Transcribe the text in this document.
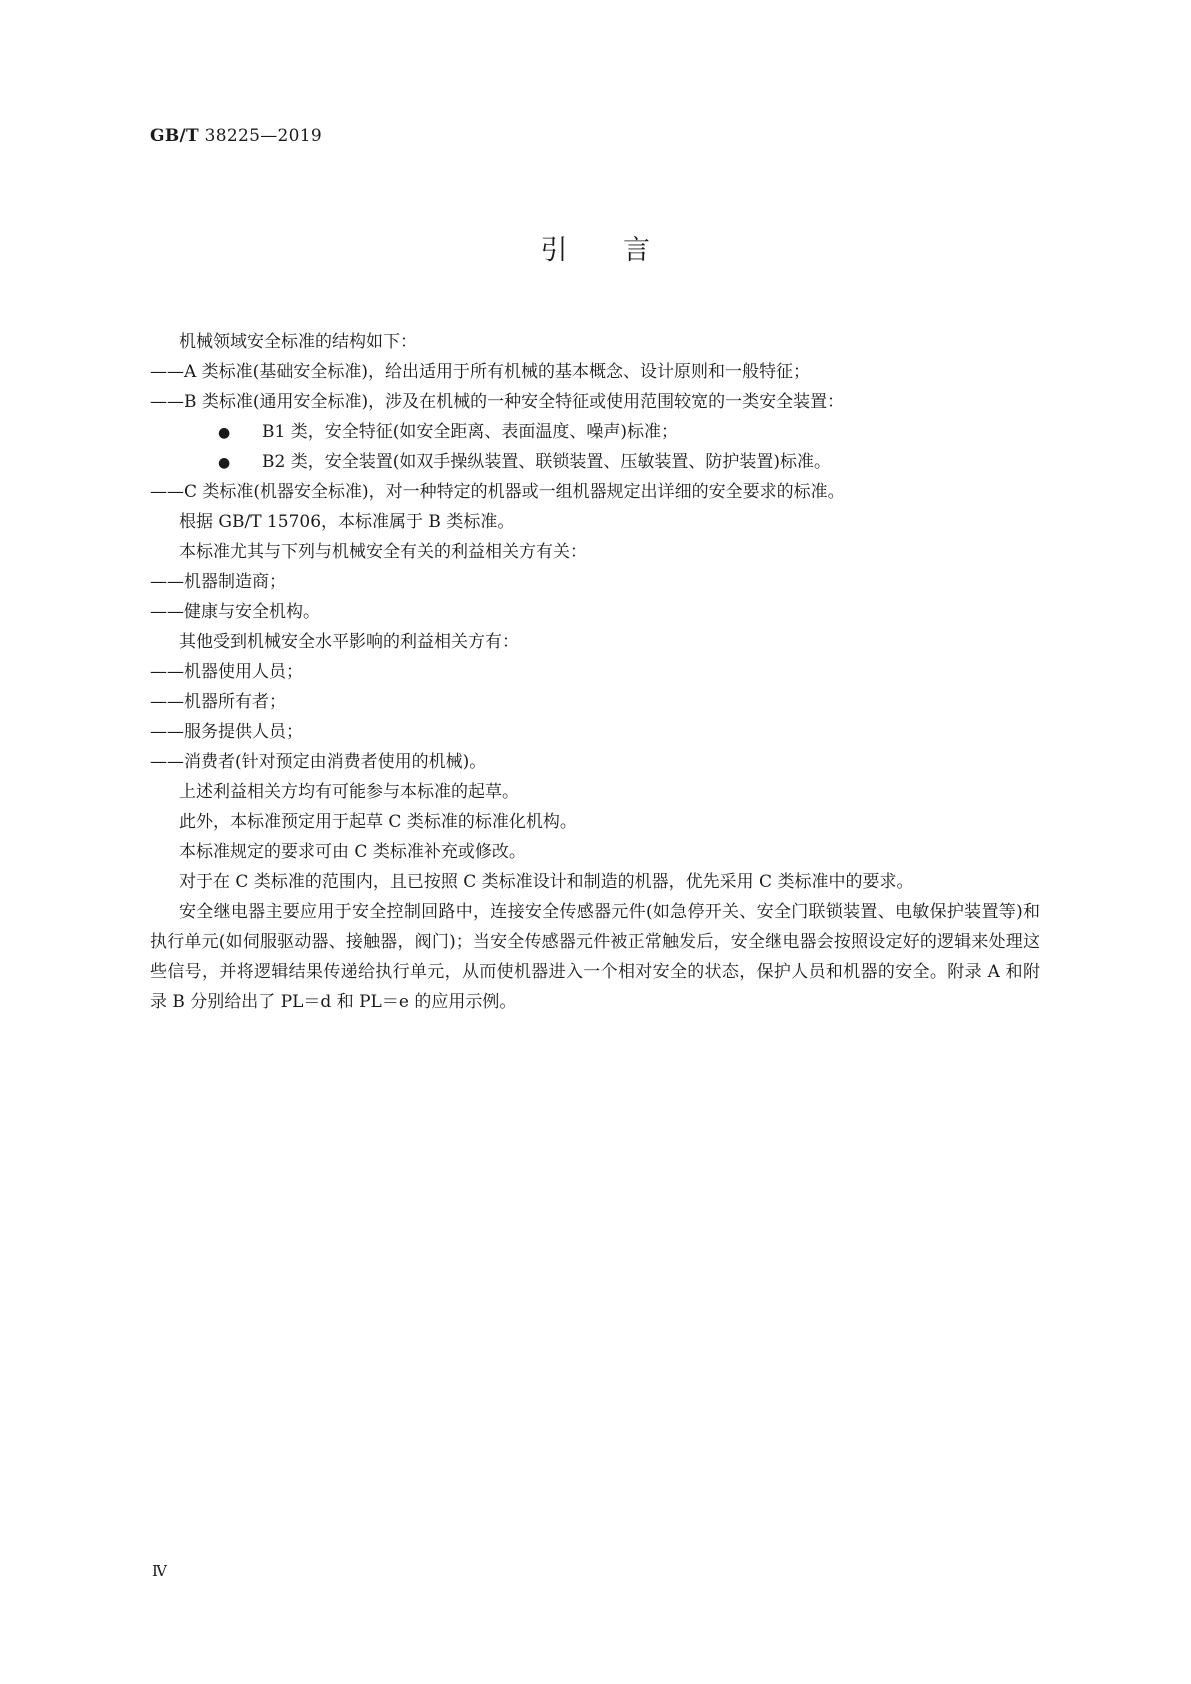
GB/T 38225—2019
引　　言
机械领域安全标准的结构如下：
——A 类标准(基础安全标准)，给出适用于所有机械的基本概念、设计原则和一般特征；
——B 类标准(通用安全标准)，涉及在机械的一种安全特征或使用范围较宽的一类安全装置：
● B1 类，安全特征(如安全距离、表面温度、噪声)标准；
● B2 类，安全装置(如双手操纵装置、联锁装置、压敏装置、防护装置)标准。
——C 类标准(机器安全标准)，对一种特定的机器或一组机器规定出详细的安全要求的标准。
根据 GB/T 15706，本标准属于 B 类标准。
本标准尤其与下列与机械安全有关的利益相关方有关：
——机器制造商；
——健康与安全机构。
其他受到机械安全水平影响的利益相关方有：
——机器使用人员；
——机器所有者；
——服务提供人员；
——消费者(针对预定由消费者使用的机械)。
上述利益相关方均有可能参与本标准的起草。
此外，本标准预定用于起草 C 类标准的标准化机构。
本标准规定的要求可由 C 类标准补充或修改。
对于在 C 类标准的范围内，且已按照 C 类标准设计和制造的机器，优先采用 C 类标准中的要求。
安全继电器主要应用于安全控制回路中，连接安全传感器元件(如急停开关、安全门联锁装置、电敏保护装置等)和执行单元(如伺服驱动器、接触器，阀门)；当安全传感器元件被正常触发后，安全继电器会按照设定好的逻辑来处理这些信号，并将逻辑结果传递给执行单元，从而使机器进入一个相对安全的状态，保护人员和机器的安全。附录 A 和附录 B 分别给出了 PL＝d 和 PL＝e 的应用示例。
Ⅳ
